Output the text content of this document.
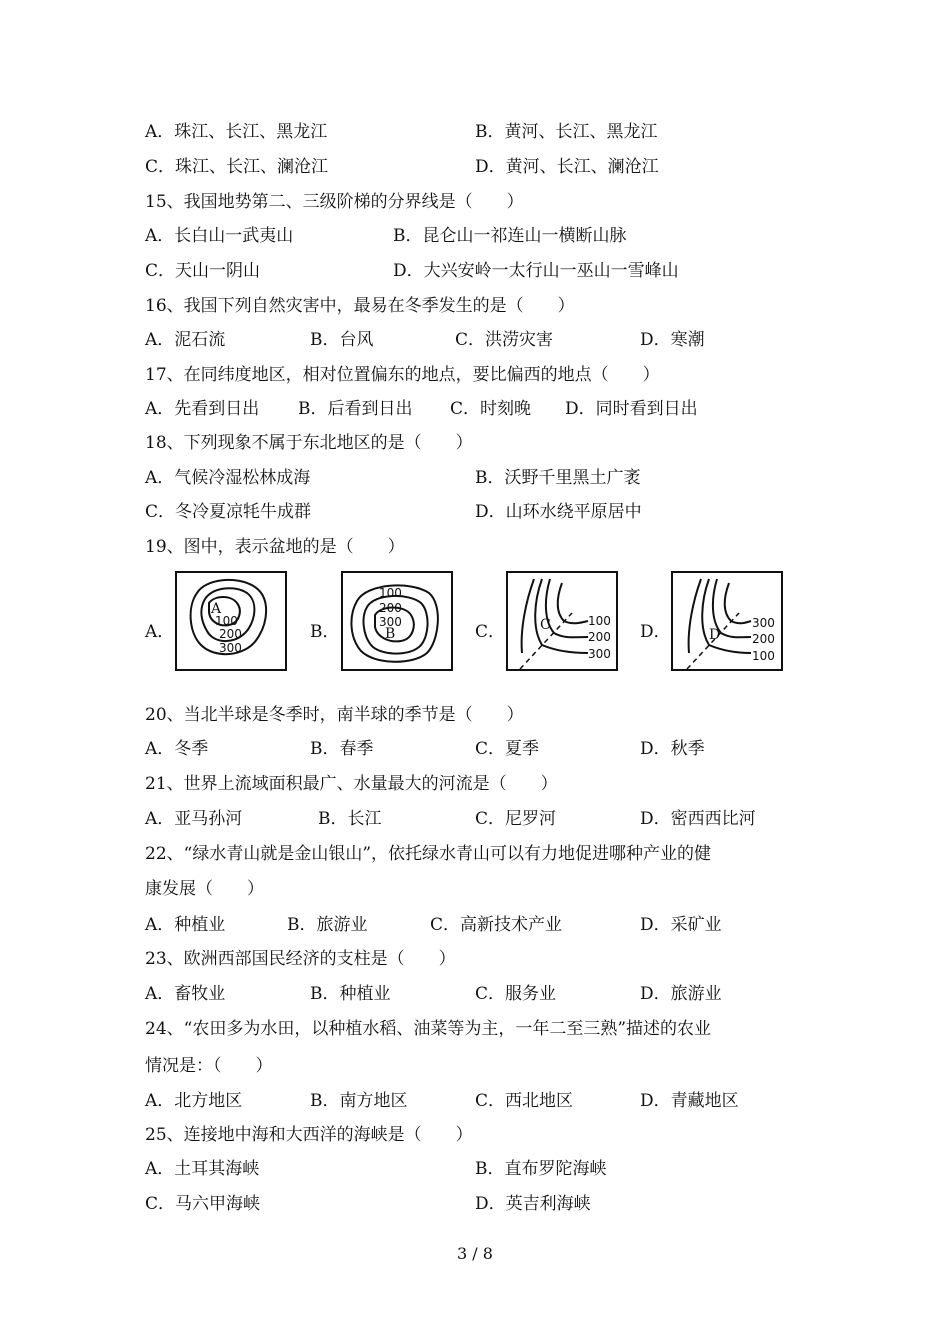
A．珠江、长江、黑龙江	B．黄河、长江、黑龙江
C．珠江、长江、澜沧江	D．黄河、长江、澜沧江
15、我国地势第二、三级阶梯的分界线是（　　）
A．长白山一武夷山	B．昆仑山一祁连山一横断山脉
C．天山一阴山	D．大兴安岭一太行山一巫山一雪峰山
16、我国下列自然灾害中，最易在冬季发生的是（　　）
A．泥石流	B．台风	C．洪涝灾害	D．寒潮
17、在同纬度地区，相对位置偏东的地点，要比偏西的地点（　　）
A．先看到日出 B．后看到日出 C．时刻晚 D．同时看到日出
18、下列现象不属于东北地区的是（　　）
A．气候冷湿松林成海	B．沃野千里黑土广袤
C．冬冷夏凉牦牛成群	D．山环水绕平原居中
19、图中，表示盆地的是（　　）
A．
A
100
200
300
B．
100
200
300
B	C． C	100
200
300
D．	D
300
200
100
20、当北半球是冬季时，南半球的季节是（　　）
A．冬季	B．春季	C．夏季	D．秋季
21、世界上流域面积最广、水量最大的河流是（　　）
A．亚马孙河	B．长江	C．尼罗河	D．密西西比河
22、“绿水青山就是金山银山”，依托绿水青山可以有力地促进哪种产业的健
康发展（　　）
A．种植业	B．旅游业	C．高新技术产业	D．采矿业
23、欧洲西部国民经济的支柱是（　　）
A．畜牧业	B．种植业	C．服务业	D．旅游业
24、“农田多为水田，以种植水稻、油菜等为主，一年二至三熟”描述的农业
情况是：（　　）
A．北方地区	B．南方地区	C．西北地区	D．青藏地区
25、连接地中海和大西洋的海峡是（　　）
A．土耳其海峡	B．直布罗陀海峡
C．马六甲海峡	D．英吉利海峡
3 / 8
